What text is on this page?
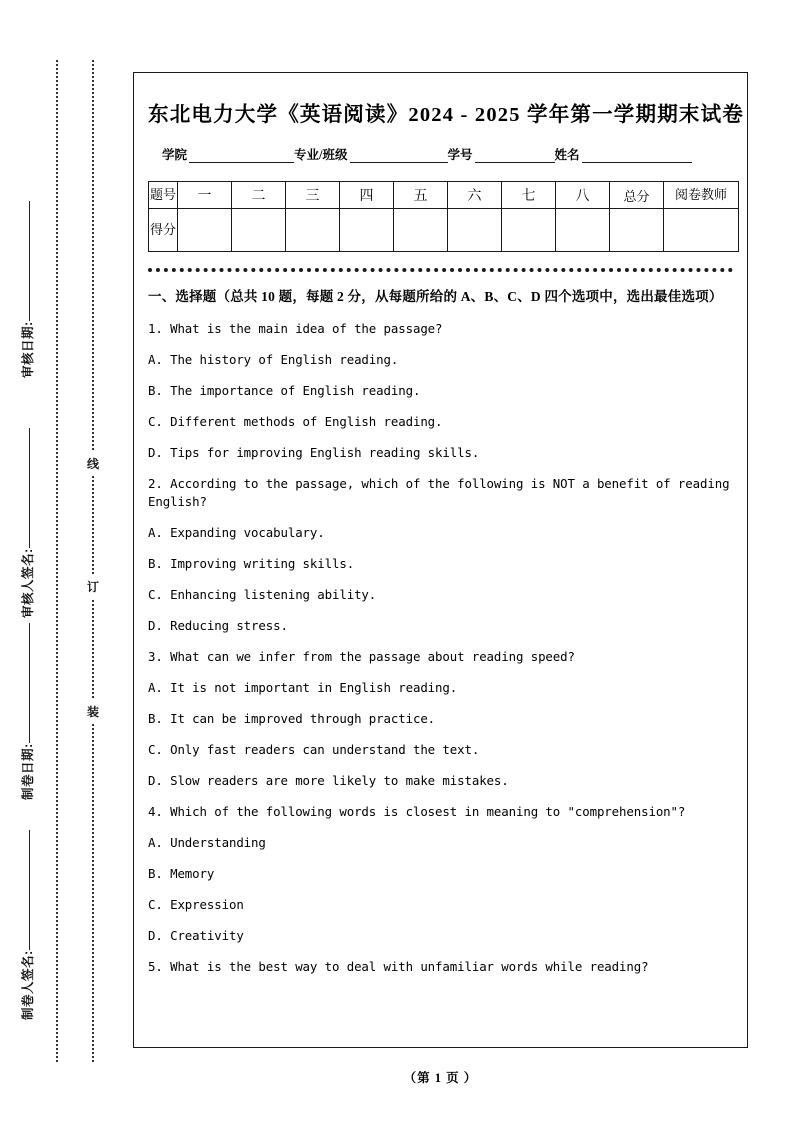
审核日期:
审核人签名:
制卷日期:
制卷人签名:
线
订
装
东北电力大学《英语阅读》2024 - 2025 学年第一学期期末试卷
学院	专业/班级	学号	姓名
题号	一	二	三	四	五	六	七	八	总分	阅卷教师
得分										
一、选择题（总共 10 题，每题 2 分，从每题所给的 A、B、C、D 四个选项中，选出最佳选项）
1. What is the main idea of the passage?
A. The history of English reading.
B. The importance of English reading.
C. Different methods of English reading.
D. Tips for improving English reading skills.
2. According to the passage, which of the following is NOT a benefit of reading English?
A. Expanding vocabulary.
B. Improving writing skills.
C. Enhancing listening ability.
D. Reducing stress.
3. What can we infer from the passage about reading speed?
A. It is not important in English reading.
B. It can be improved through practice.
C. Only fast readers can understand the text.
D. Slow readers are more likely to make mistakes.
4. Which of the following words is closest in meaning to "comprehension"?
A. Understanding
B. Memory
C. Expression
D. Creativity
5. What is the best way to deal with unfamiliar words while reading?
（第 1 页 ）
